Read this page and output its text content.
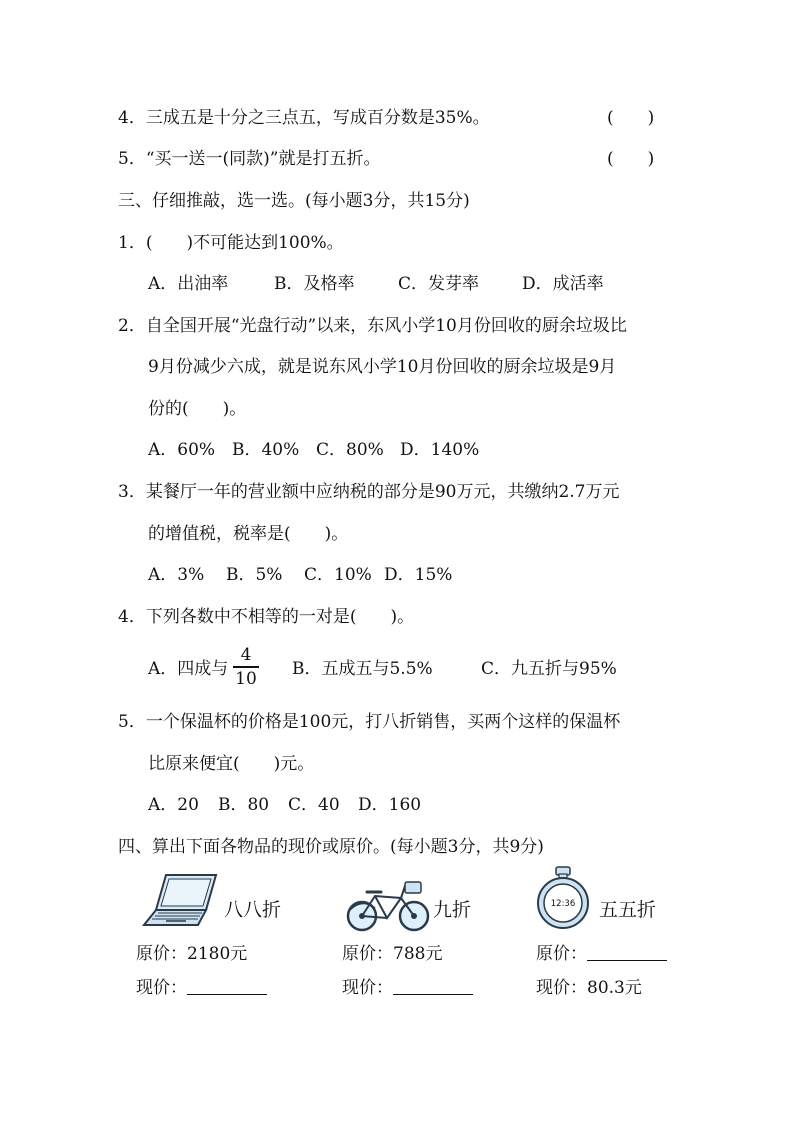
4．三成五是十分之三点五，写成百分数是35%。	(　　)
5．“买一送一(同款)”就是打五折。	(　　)
三、仔细推敲，选一选。(每小题3分，共15分)
1．(　　)不可能达到100%。
A．出油率	B．及格率	C．发芽率	D．成活率
2．自全国开展“光盘行动”以来，东风小学10月份回收的厨余垃圾比
9月份减少六成，就是说东风小学10月份回收的厨余垃圾是9月
份的(　　)。
A．60% B．40% C．80% D．140%
3．某餐厅一年的营业额中应纳税的部分是90万元，共缴纳2.7万元
的增值税，税率是(　　)。
A．3%	B．5%	C．10% D．15%
4．下列各数中不相等的一对是(　　)。
A．四成与
4
10 B．五成五与5.5%	C．九五折与95%
5．一个保温杯的价格是100元，打八折销售，买两个这样的保温杯
比原来便宜(　　)元。
A．20	B．80	C．40	D．160
四、算出下面各物品的现价或原价。(每小题3分，共9分)
八八折	九折	12:36 五五折
原价：2180元
现价：
原价：788元
现价：
原价：
现价：80.3元
